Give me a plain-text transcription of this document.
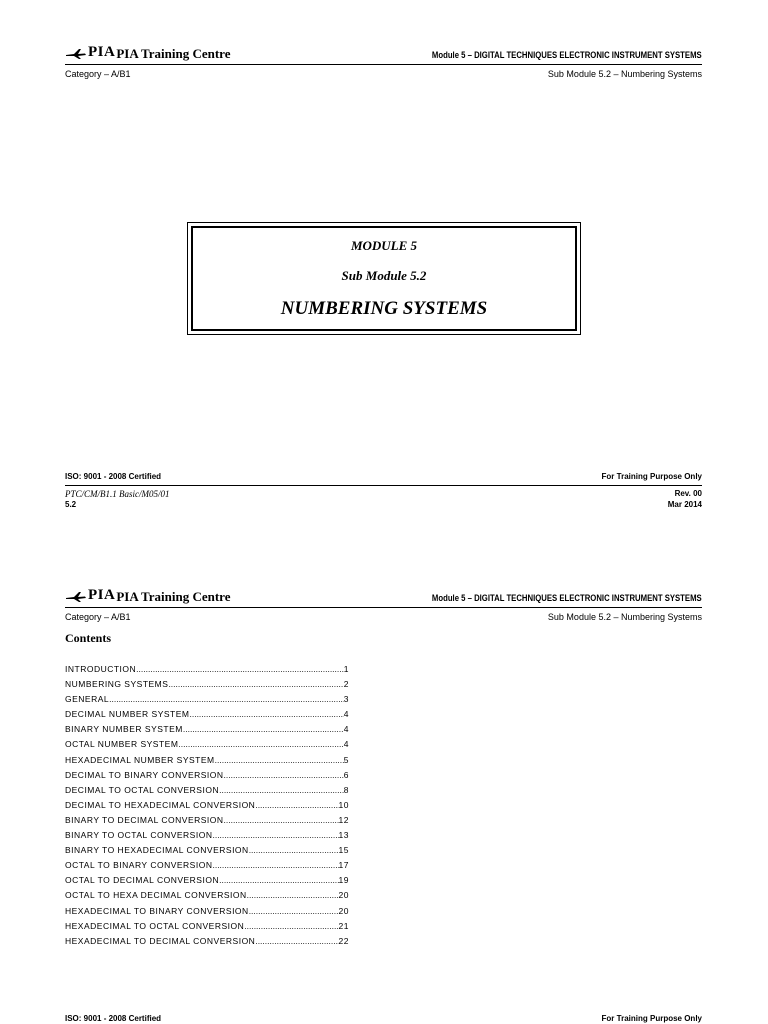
PIA PIA Training Centre	Module 5 – DIGITAL TECHNIQUES ELECTRONIC INSTRUMENT SYSTEMS
Category – A/B1	Sub Module 5.2 – Numbering Systems
MODULE 5
Sub Module 5.2
NUMBERING SYSTEMS
ISO: 9001 - 2008 Certified	For Training Purpose Only
PTC/CM/B1.1 Basic/M05/01
5.2
Rev. 00
Mar 2014
PIA PIA Training Centre	Module 5 – DIGITAL TECHNIQUES ELECTRONIC INSTRUMENT SYSTEMS
Category – A/B1	Sub Module 5.2 – Numbering Systems
Contents
INTRODUCTION .....	1
NUMBERING SYSTEMS .....	2
GENERAL .....	3
DECIMAL NUMBER SYSTEM .....	4
BINARY NUMBER SYSTEM .....	4
OCTAL NUMBER SYSTEM .....	4
HEXADECIMAL NUMBER SYSTEM .....	5
DECIMAL TO BINARY CONVERSION .....	6
DECIMAL TO OCTAL CONVERSION .....	8
DECIMAL TO HEXADECIMAL CONVERSION .....	10
BINARY TO DECIMAL CONVERSION .....	12
BINARY TO OCTAL CONVERSION .....	13
BINARY TO HEXADECIMAL CONVERSION .....	15
OCTAL TO BINARY CONVERSION .....	17
OCTAL TO DECIMAL CONVERSION .....	19
OCTAL TO HEXA DECIMAL CONVERSION .....	20
HEXADECIMAL TO BINARY CONVERSION .....	20
HEXADECIMAL TO OCTAL CONVERSION .....	21
HEXADECIMAL TO DECIMAL CONVERSION .....	22
ISO: 9001 - 2008 Certified	For Training Purpose Only
